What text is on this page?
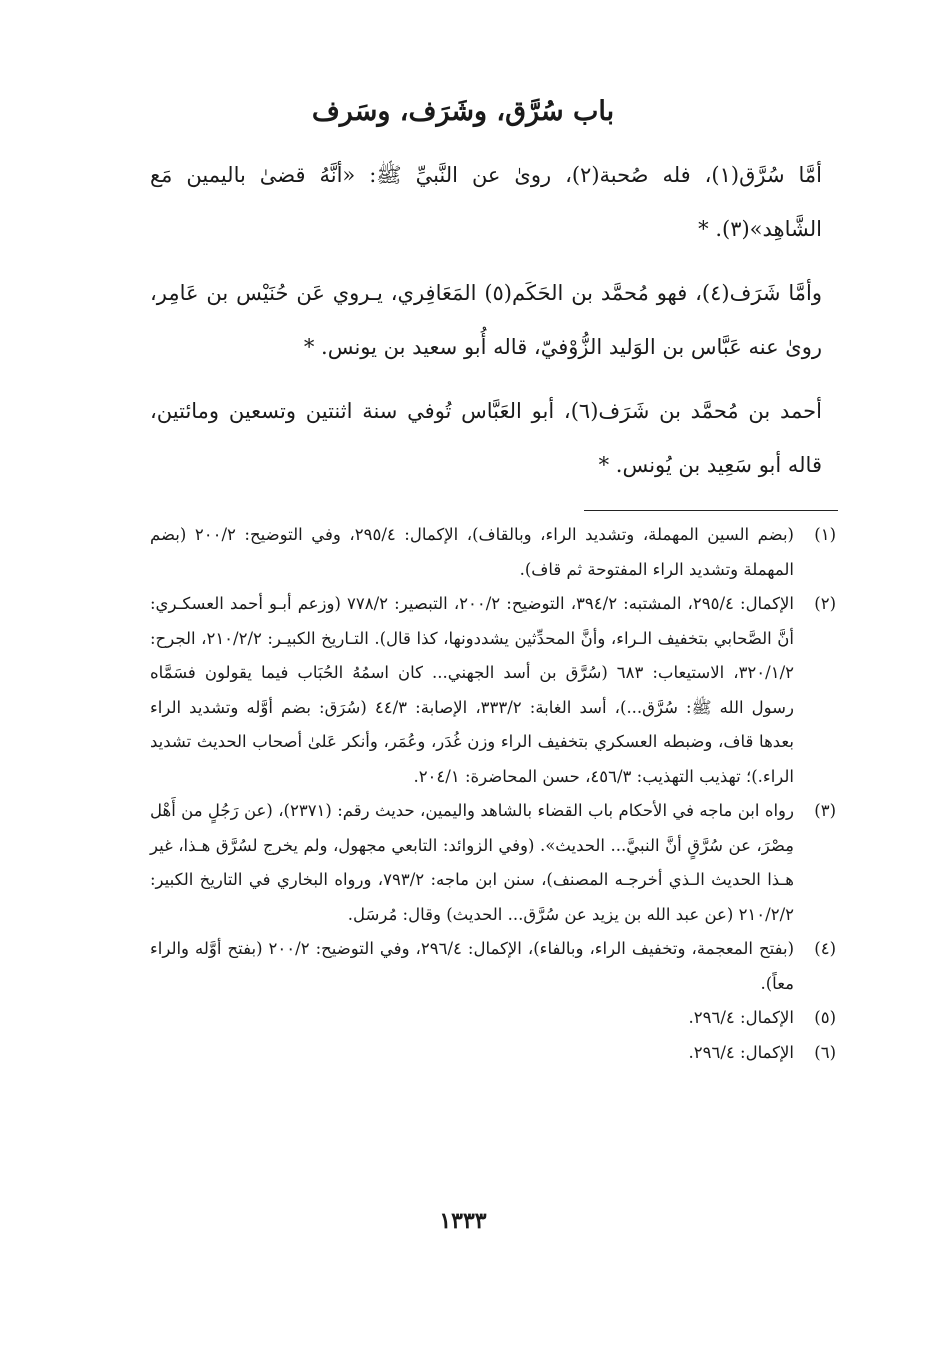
باب سُرَّق، وشَرَف، وسَرف

أمَّا سُرَّق(١)، فله صُحبة(٢)، روىٰ عن النَّبيِّ ﷺ: «أنَّهُ قضىٰ باليمين مَع الشَّاهِد»(٣). *

وأمَّا شَرَف(٤)، فهو مُحمَّد بن الحَكَم(٥) المَعَافِري، يـروي عَن حُنَيْس بن عَامِر، روىٰ عنه عَبَّاس بن الوَليد الزُّوْفيّ، قاله أُبو سعيد بن يونس. *

أحمد بن مُحمَّد بن شَرَف(٦)، أبو العَبَّاس تُوفي سنة اثنتين وتسعين ومائتين، قاله أبو سَعِيد بن يُونس. *

(١)

(بضم السين المهملة، وتشديد الراء، وبالقاف)، الإكمال: ٢٩٥/٤، وفي التوضيح: ٢٠٠/٢ (بضم المهملة وتشديد الراء المفتوحة ثم قاف).

(٢)

الإكمال: ٢٩٥/٤، المشتبه: ٣٩٤/٢، التوضيح: ٢٠٠/٢، التبصير: ٧٧٨/٢ (وزعم أبـو أحمد العسكـري: أنَّ الصَّحابي بتخفيف الـراء، وأنَّ المحدِّثين يشددونها، كذا قال). التـاريخ الكبيـر: ٢١٠/٢/٢، الجرح: ٣٢٠/١/٢، الاستيعاب: ٦٨٣ (سُرَّق بن أسد الجهني... كان اسمُهُ الحُبَاب فيما يقولون فسَمَّاه رسول الله ﷺ: سُرَّق...)، أسد الغابة: ٣٣٣/٢، الإصابة: ٤٤/٣ (سُرَق: بضم أوَّله وتشديد الراء بعدها قاف، وضبطه العسكري بتخفيف الراء وزن غُدَر، وعُمَر، وأنكر عَلىٰ أصحاب الحديث تشديد الراء.)؛ تهذيب التهذيب: ٤٥٦/٣، حسن المحاضرة: ٢٠٤/١.

(٣)

رواه ابن ماجه في الأحكام باب القضاء بالشاهد واليمين، حديث رقم: (٢٣٧١)، (عن رَجُلٍ من أَهْل مِصْرَ، عن سُرَّقٍ أنَّ النبيَّ... الحديث». (وفي الزوائد: التابعي مجهول، ولم يخرج لسُرَّق هـذا، غير هـذا الحديث الـذي أخرجـه المصنف)، سنن ابن ماجه: ٧٩٣/٢، ورواه البخاري في التاريخ الكبير: ٢١٠/٢/٢ (عن عبد الله بن يزيد عن سُرَّق... الحديث) وقال: مُرسَل.

(٤)

(بفتح المعجمة، وتخفيف الراء، وبالفاء)، الإكمال: ٢٩٦/٤، وفي التوضيح: ٢٠٠/٢ (بفتح أوَّله والراء معاً).

(٥)

الإكمال: ٢٩٦/٤.

(٦)

الإكمال: ٢٩٦/٤.

١٣٣٣
